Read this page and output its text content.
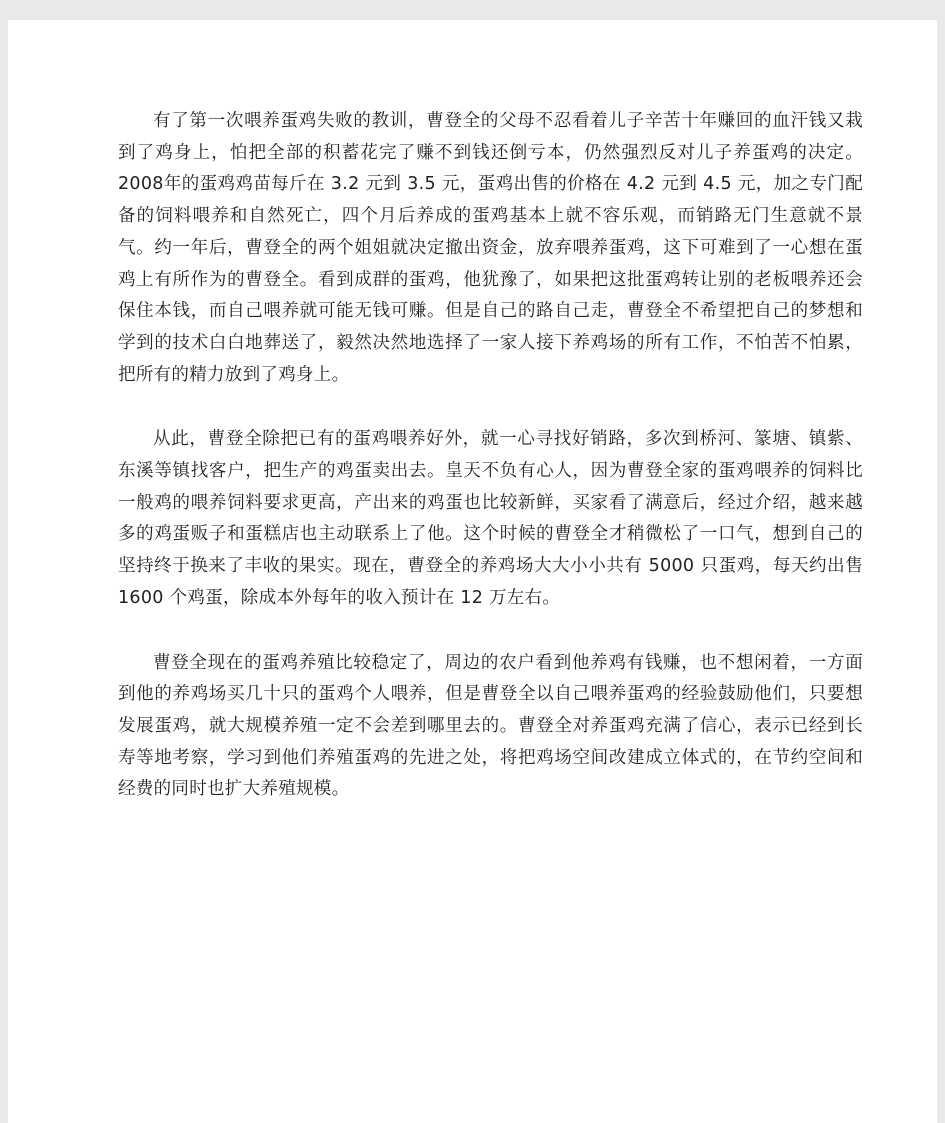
有了第一次喂养蛋鸡失败的教训，曹登全的父母不忍看着儿子辛苦十年赚回的血汗钱又栽到了鸡身上，怕把全部的积蓄花完了赚不到钱还倒亏本，仍然强烈反对儿子养蛋鸡的决定。2008年的蛋鸡鸡苗每斤在 3.2 元到 3.5 元，蛋鸡出售的价格在 4.2 元到 4.5 元，加之专门配备的饲料喂养和自然死亡，四个月后养成的蛋鸡基本上就不容乐观，而销路无门生意就不景气。约一年后，曹登全的两个姐姐就决定撤出资金，放弃喂养蛋鸡，这下可难到了一心想在蛋鸡上有所作为的曹登全。看到成群的蛋鸡，他犹豫了，如果把这批蛋鸡转让别的老板喂养还会保住本钱，而自己喂养就可能无钱可赚。但是自己的路自己走，曹登全不希望把自己的梦想和学到的技术白白地葬送了，毅然决然地选择了一家人接下养鸡场的所有工作，不怕苦不怕累，把所有的精力放到了鸡身上。

从此，曹登全除把已有的蛋鸡喂养好外，就一心寻找好销路，多次到桥河、篆塘、镇紫、东溪等镇找客户，把生产的鸡蛋卖出去。皇天不负有心人，因为曹登全家的蛋鸡喂养的饲料比一般鸡的喂养饲料要求更高，产出来的鸡蛋也比较新鲜，买家看了满意后，经过介绍，越来越多的鸡蛋贩子和蛋糕店也主动联系上了他。这个时候的曹登全才稍微松了一口气，想到自己的坚持终于换来了丰收的果实。现在，曹登全的养鸡场大大小小共有 5000 只蛋鸡，每天约出售 1600 个鸡蛋，除成本外每年的收入预计在 12 万左右。

曹登全现在的蛋鸡养殖比较稳定了，周边的农户看到他养鸡有钱赚，也不想闲着，一方面到他的养鸡场买几十只的蛋鸡个人喂养，但是曹登全以自己喂养蛋鸡的经验鼓励他们，只要想发展蛋鸡，就大规模养殖一定不会差到哪里去的。曹登全对养蛋鸡充满了信心，表示已经到长寿等地考察，学习到他们养殖蛋鸡的先进之处，将把鸡场空间改建成立体式的，在节约空间和经费的同时也扩大养殖规模。
